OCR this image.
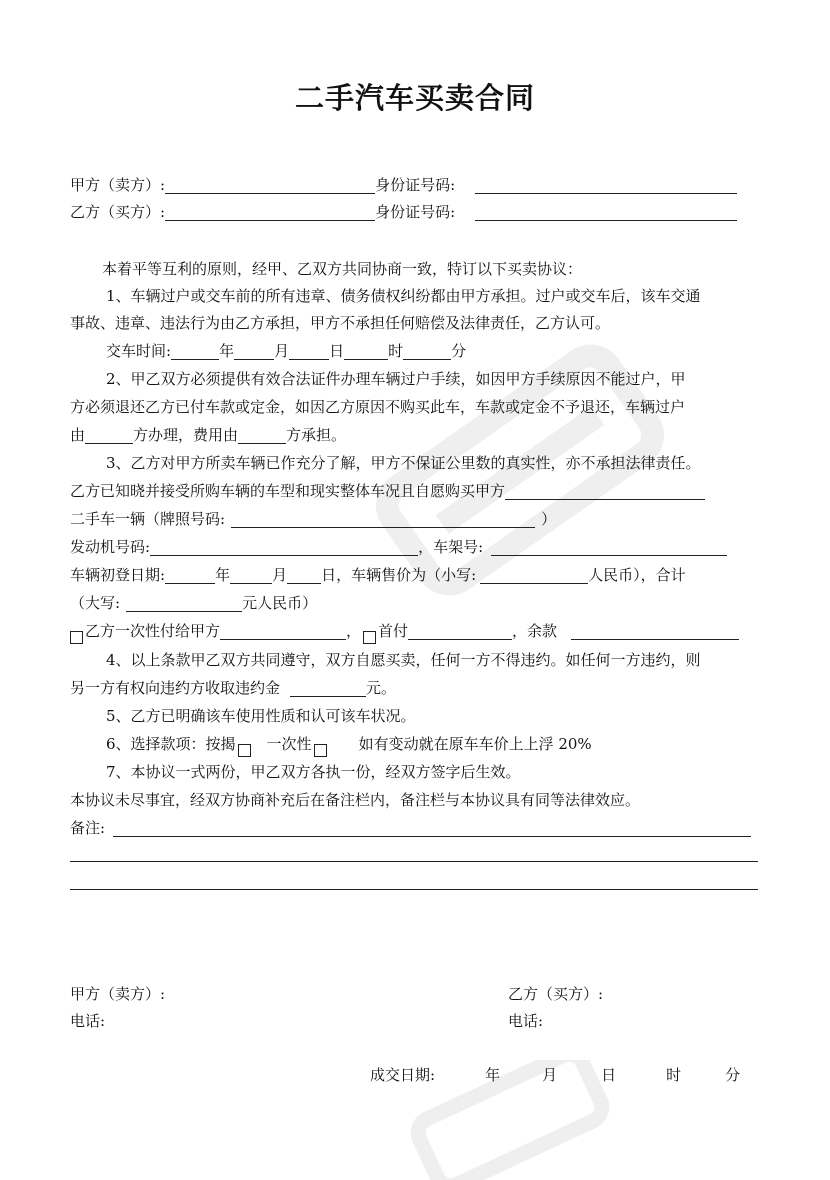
二手汽车买卖合同
甲方（卖方）:	身份证号码:
乙方（买方）:	身份证号码:
本着平等互利的原则，经甲、乙双方共同协商一致，特订以下买卖协议：
1、车辆过户或交车前的所有违章、债务债权纠纷都由甲方承担。过户或交车后，该车交通
事故、违章、违法行为由乙方承担，甲方不承担任何赔偿及法律责任，乙方认可。
交车时间:	年	月	日	时	分
2、甲乙双方必须提供有效合法证件办理车辆过户手续，如因甲方手续原因不能过户，甲
方必须退还乙方已付车款或定金，如因乙方原因不购买此车，车款或定金不予退还，车辆过户
由	方办理，费用由	方承担。
3、乙方对甲方所卖车辆已作充分了解，甲方不保证公里数的真实性，亦不承担法律责任。
乙方已知晓并接受所购车辆的车型和现实整体车况且自愿购买甲方
二手车一辆（牌照号码:	）
发动机号码:	，车架号:
车辆初登日期:	年	月 日，车辆售价为（小写:	人民币），合计
（大写:	元人民币）
乙方一次性付给甲方	， 首付	，余款
4、以上条款甲乙双方共同遵守，双方自愿买卖，任何一方不得违约。如任何一方违约，则
另一方有权向违约方收取违约金	元。
5、乙方已明确该车使用性质和认可该车状况。
6、选择款项：按揭 一次性	如有变动就在原车车价上上浮 20%
7、本协议一式两份，甲乙双方各执一份，经双方签字后生效。
本协议未尽事宜，经双方协商补充后在备注栏内，备注栏与本协议具有同等法律效应。
备注:
甲方（卖方）:	乙方（买方）:
电话:	电话:
成交日期:	年	月	日	时	分
